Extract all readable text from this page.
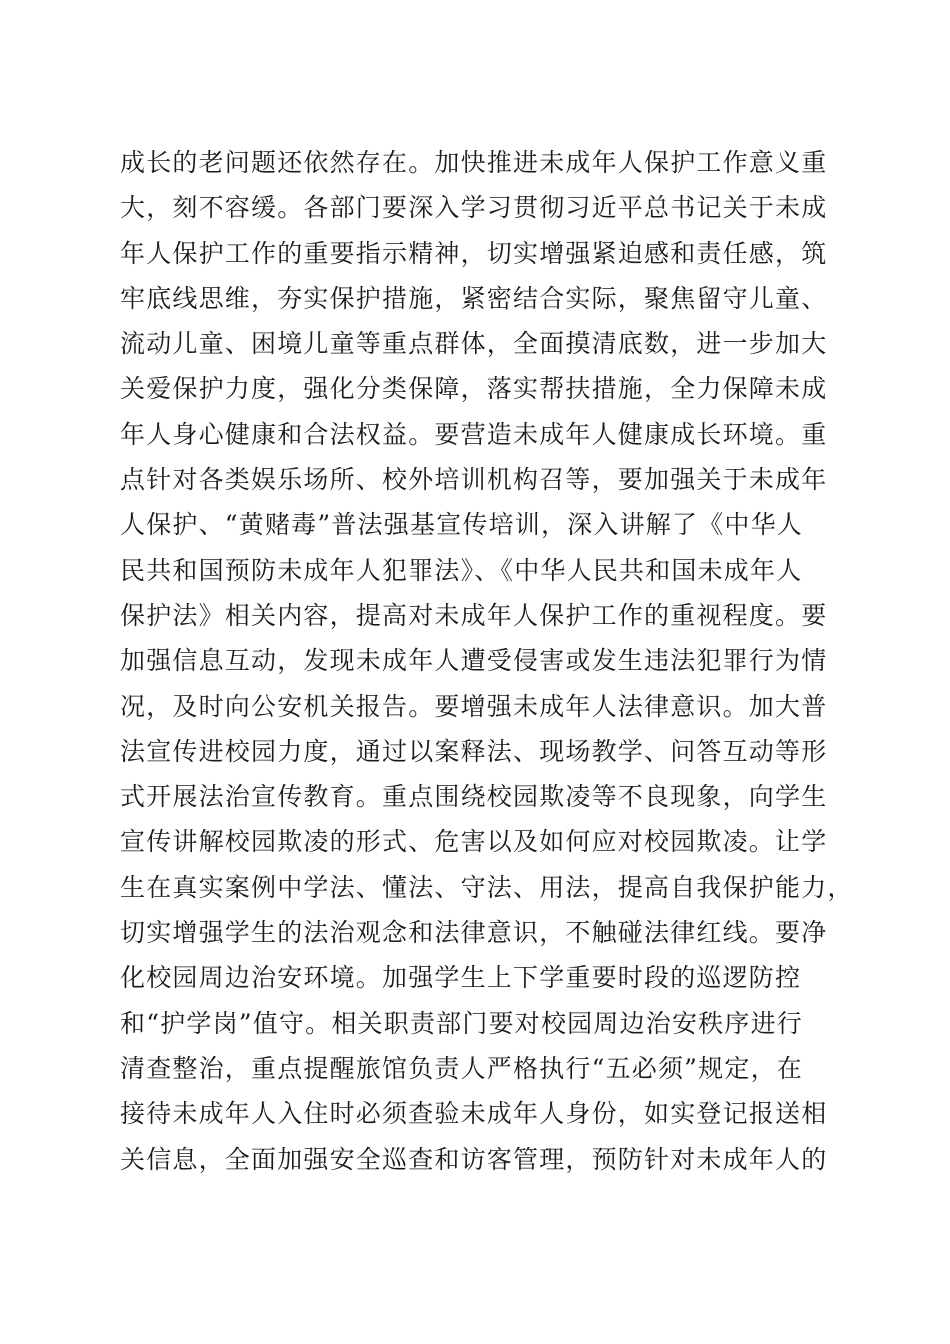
成长的老问题还依然存在。加快推进未成年人保护工作意义重
大，刻不容缓。各部门要深入学习贯彻习近平总书记关于未成
年人保护工作的重要指示精神，切实增强紧迫感和责任感，筑
牢底线思维，夯实保护措施，紧密结合实际，聚焦留守儿童、
流动儿童、困境儿童等重点群体，全面摸清底数，进一步加大
关爱保护力度，强化分类保障，落实帮扶措施，全力保障未成
年人身心健康和合法权益。要营造未成年人健康成长环境。重
点针对各类娱乐场所、校外培训机构召等，要加强关于未成年
人保护、“黄赌毒”普法强基宣传培训，深入讲解了《中华人
民共和国预防未成年人犯罪法》、《中华人民共和国未成年人
保护法》相关内容，提高对未成年人保护工作的重视程度。要
加强信息互动，发现未成年人遭受侵害或发生违法犯罪行为情
况，及时向公安机关报告。要增强未成年人法律意识。加大普
法宣传进校园力度，通过以案释法、现场教学、问答互动等形
式开展法治宣传教育。重点围绕校园欺凌等不良现象，向学生
宣传讲解校园欺凌的形式、危害以及如何应对校园欺凌。让学
生在真实案例中学法、懂法、守法、用法，提高自我保护能力，
切实增强学生的法治观念和法律意识，不触碰法律红线。要净
化校园周边治安环境。加强学生上下学重要时段的巡逻防控
和“护学岗”值守。相关职责部门要对校园周边治安秩序进行
清查整治，重点提醒旅馆负责人严格执行“五必须”规定，在
接待未成年人入住时必须查验未成年人身份，如实登记报送相
关信息，全面加强安全巡查和访客管理，预防针对未成年人的
